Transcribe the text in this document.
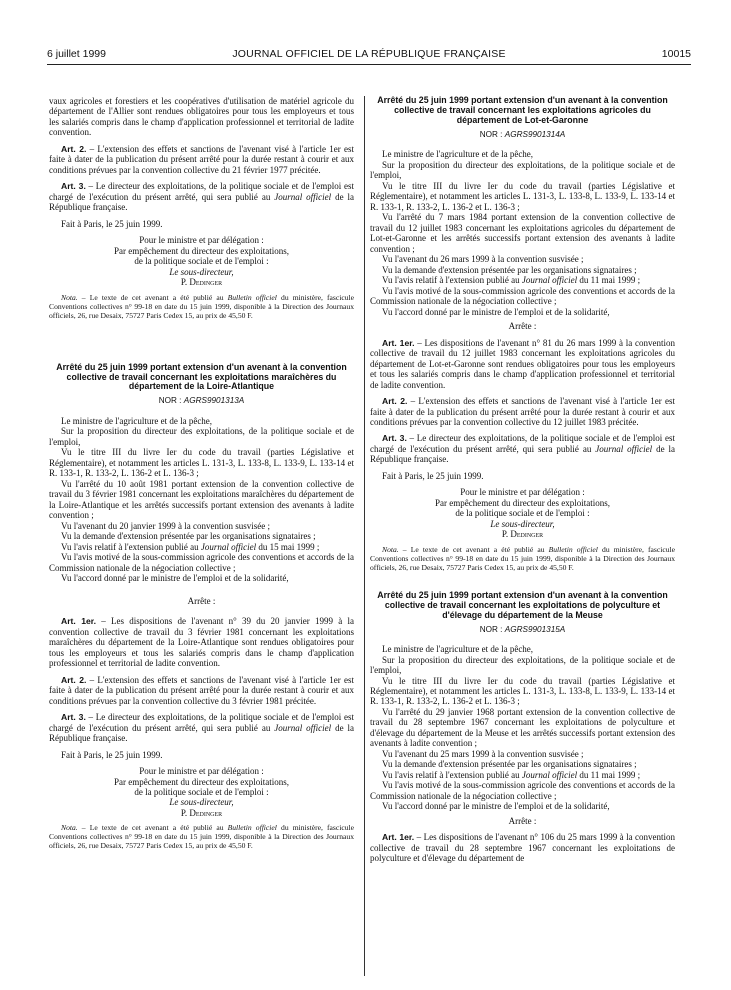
6 juillet 1999	JOURNAL OFFICIEL DE LA RÉPUBLIQUE FRANÇAISE	10015

vaux agricoles et forestiers et les coopératives d'utilisation de matériel agricole du département de l'Allier sont rendues obligatoires pour tous les employeurs et tous les salariés compris dans le champ d'application professionnel et territorial de ladite convention.

Art. 2. – L'extension des effets et sanctions de l'avenant visé à l'article 1er est faite à dater de la publication du présent arrêté pour la durée restant à courir et aux conditions prévues par la convention collective du 21 février 1977 précitée.

Art. 3. – Le directeur des exploitations, de la politique sociale et de l'emploi est chargé de l'exécution du présent arrêté, qui sera publié au Journal officiel de la République française.

Fait à Paris, le 25 juin 1999.

Pour le ministre et par délégation :

Par empêchement du directeur des exploitations,

de la politique sociale et de l'emploi :

Le sous-directeur,

P. Dedinger

Nota. – Le texte de cet avenant a été publié au Bulletin officiel du ministère, fascicule Conventions collectives n° 99-18 en date du 15 juin 1999, disponible à la Direction des Journaux officiels, 26, rue Desaix, 75727 Paris Cedex 15, au prix de 45,50 F.

Arrêté du 25 juin 1999 portant extension d'un avenant à la convention collective de travail concernant les exploitations maraîchères du département de la Loire-Atlantique

NOR : AGRS9901313A

Le ministre de l'agriculture et de la pêche,

Sur la proposition du directeur des exploitations, de la politique sociale et de l'emploi,

Vu le titre III du livre Ier du code du travail (parties Législative et Réglementaire), et notamment les articles L. 131-3, L. 133-8, L. 133-9, L. 133-14 et R. 133-1, R. 133-2, L. 136-2 et L. 136-3 ;

Vu l'arrêté du 10 août 1981 portant extension de la convention collective de travail du 3 février 1981 concernant les exploitations maraîchères du département de la Loire-Atlantique et les arrêtés successifs portant extension des avenants à ladite convention ;

Vu l'avenant du 20 janvier 1999 à la convention susvisée ;

Vu la demande d'extension présentée par les organisations signataires ;

Vu l'avis relatif à l'extension publié au Journal officiel du 15 mai 1999 ;

Vu l'avis motivé de la sous-commission agricole des conventions et accords de la Commission nationale de la négociation collective ;

Vu l'accord donné par le ministre de l'emploi et de la solidarité,

Arrête :

Art. 1er. – Les dispositions de l'avenant n° 39 du 20 janvier 1999 à la convention collective de travail du 3 février 1981 concernant les exploitations maraîchères du département de la Loire-Atlantique sont rendues obligatoires pour tous les employeurs et tous les salariés compris dans le champ d'application professionnel et territorial de ladite convention.

Art. 2. – L'extension des effets et sanctions de l'avenant visé à l'article 1er est faite à dater de la publication du présent arrêté pour la durée restant à courir et aux conditions prévues par la convention collective du 3 février 1981 précitée.

Art. 3. – Le directeur des exploitations, de la politique sociale et de l'emploi est chargé de l'exécution du présent arrêté, qui sera publié au Journal officiel de la République française.

Fait à Paris, le 25 juin 1999.

Pour le ministre et par délégation :

Par empêchement du directeur des exploitations,

de la politique sociale et de l'emploi :

Le sous-directeur,

P. Dedinger

Nota. – Le texte de cet avenant a été publié au Bulletin officiel du ministère, fascicule Conventions collectives n° 99-18 en date du 15 juin 1999, disponible à la Direction des Journaux officiels, 26, rue Desaix, 75727 Paris Cedex 15, au prix de 45,50 F.

Arrêté du 25 juin 1999 portant extension d'un avenant à la convention collective de travail concernant les exploitations agricoles du département de Lot-et-Garonne

NOR : AGRS9901314A

Le ministre de l'agriculture et de la pêche,

Sur la proposition du directeur des exploitations, de la politique sociale et de l'emploi,

Vu le titre III du livre Ier du code du travail (parties Législative et Réglementaire), et notamment les articles L. 131-3, L. 133-8, L. 133-9, L. 133-14 et R. 133-1, R. 133-2, L. 136-2 et L. 136-3 ;

Vu l'arrêté du 7 mars 1984 portant extension de la convention collective de travail du 12 juillet 1983 concernant les exploitations agricoles du département de Lot-et-Garonne et les arrêtés successifs portant extension des avenants à ladite convention ;

Vu l'avenant du 26 mars 1999 à la convention susvisée ;

Vu la demande d'extension présentée par les organisations signataires ;

Vu l'avis relatif à l'extension publié au Journal officiel du 11 mai 1999 ;

Vu l'avis motivé de la sous-commission agricole des conventions et accords de la Commission nationale de la négociation collective ;

Vu l'accord donné par le ministre de l'emploi et de la solidarité,

Arrête :

Art. 1er. – Les dispositions de l'avenant n° 81 du 26 mars 1999 à la convention collective de travail du 12 juillet 1983 concernant les exploitations agricoles du département de Lot-et-Garonne sont rendues obligatoires pour tous les employeurs et tous les salariés compris dans le champ d'application professionnel et territorial de ladite convention.

Art. 2. – L'extension des effets et sanctions de l'avenant visé à l'article 1er est faite à dater de la publication du présent arrêté pour la durée restant à courir et aux conditions prévues par la convention collective du 12 juillet 1983 précitée.

Art. 3. – Le directeur des exploitations, de la politique sociale et de l'emploi est chargé de l'exécution du présent arrêté, qui sera publié au Journal officiel de la République française.

Fait à Paris, le 25 juin 1999.

Pour le ministre et par délégation :

Par empêchement du directeur des exploitations,

de la politique sociale et de l'emploi :

Le sous-directeur,

P. Dedinger

Nota. – Le texte de cet avenant a été publié au Bulletin officiel du ministère, fascicule Conventions collectives n° 99-18 en date du 15 juin 1999, disponible à la Direction des Journaux officiels, 26, rue Desaix, 75727 Paris Cedex 15, au prix de 45,50 F.

Arrêté du 25 juin 1999 portant extension d'un avenant à la convention collective de travail concernant les exploitations de polyculture et d'élevage du département de la Meuse

NOR : AGRS9901315A

Le ministre de l'agriculture et de la pêche,

Sur la proposition du directeur des exploitations, de la politique sociale et de l'emploi,

Vu le titre III du livre Ier du code du travail (parties Législative et Réglementaire), et notamment les articles L. 131-3, L. 133-8, L. 133-9, L. 133-14 et R. 133-1, R. 133-2, L. 136-2 et L. 136-3 ;

Vu l'arrêté du 29 janvier 1968 portant extension de la convention collective de travail du 28 septembre 1967 concernant les exploitations de polyculture et d'élevage du département de la Meuse et les arrêtés successifs portant extension des avenants à ladite convention ;

Vu l'avenant du 25 mars 1999 à la convention susvisée ;

Vu la demande d'extension présentée par les organisations signataires ;

Vu l'avis relatif à l'extension publié au Journal officiel du 11 mai 1999 ;

Vu l'avis motivé de la sous-commission agricole des conventions et accords de la Commission nationale de la négociation collective ;

Vu l'accord donné par le ministre de l'emploi et de la solidarité,

Arrête :

Art. 1er. – Les dispositions de l'avenant n° 106 du 25 mars 1999 à la convention collective de travail du 28 septembre 1967 concernant les exploitations de polyculture et d'élevage du département de
